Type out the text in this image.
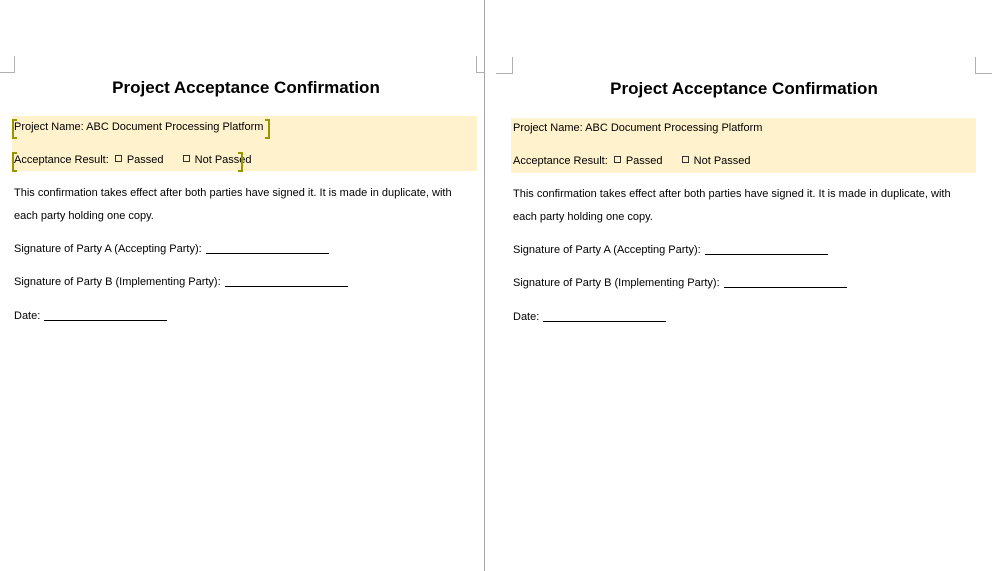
Project Acceptance Confirmation

Project Name: ABC Document Processing Platform

Acceptance Result: Passed	Not Passed

This confirmation takes effect after both parties have signed it. It is made in duplicate, with

each party holding one copy.

Signature of Party A (Accepting Party):

Signature of Party B (Implementing Party):

Date:

Project Acceptance Confirmation

Project Name: ABC Document Processing Platform

Acceptance Result: Passed	Not Passed

This confirmation takes effect after both parties have signed it. It is made in duplicate, with

each party holding one copy.

Signature of Party A (Accepting Party):

Signature of Party B (Implementing Party):

Date:
